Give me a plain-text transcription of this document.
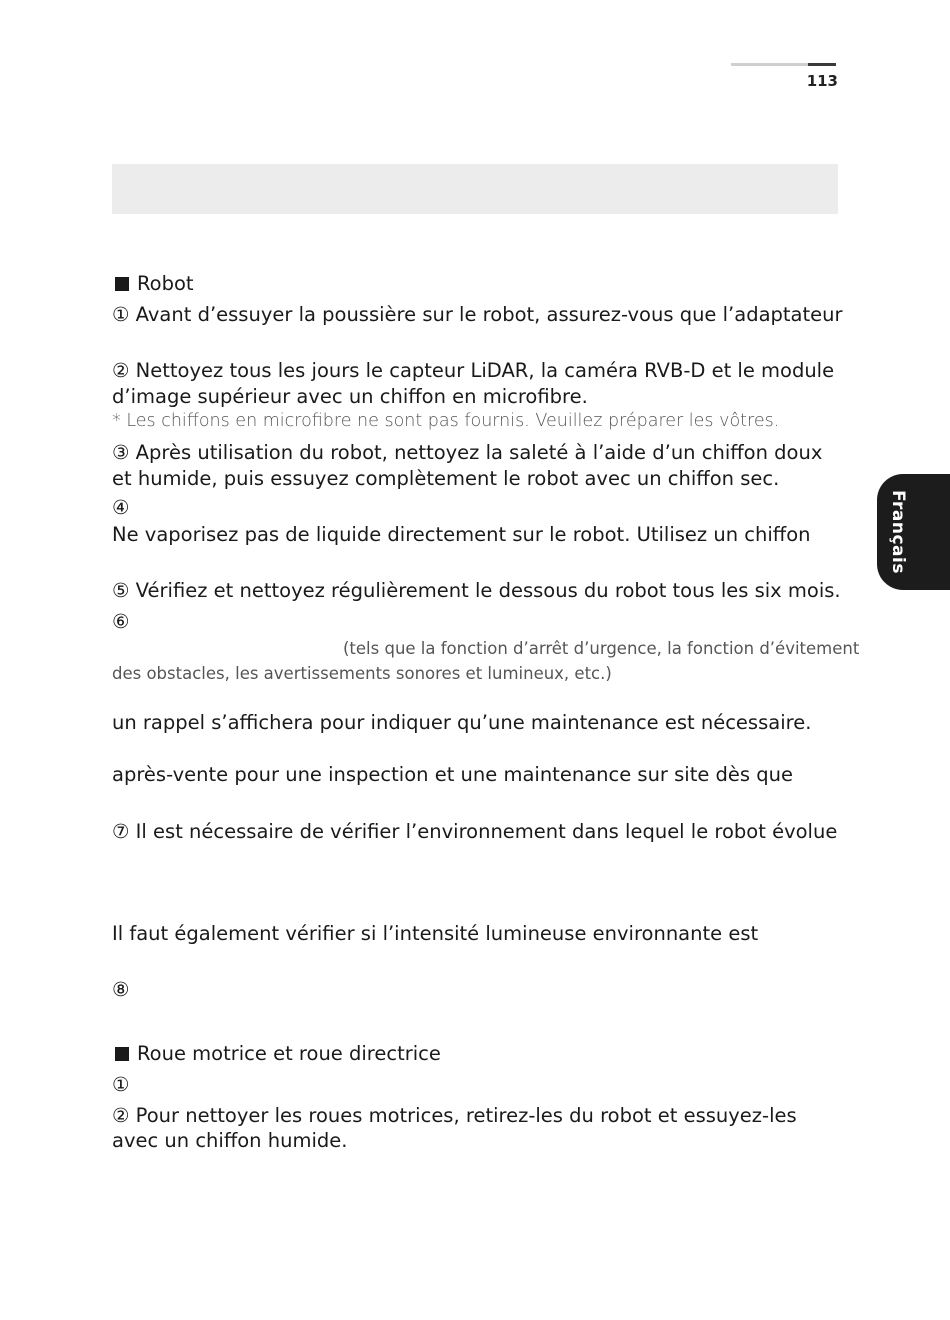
113
Français
Robot
① Avant d’essuyer la poussière sur le robot, assurez-vous que l’adaptateur
② Nettoyez tous les jours le capteur LiDAR, la caméra RVB-D et le module
d’image supérieur avec un chiffon en microfibre.
* Les chiffons en microfibre ne sont pas fournis. Veuillez préparer les vôtres.
③ Après utilisation du robot, nettoyez la saleté à l’aide d’un chiffon doux
et humide, puis essuyez complètement le robot avec un chiffon sec.
④
Ne vaporisez pas de liquide directement sur le robot. Utilisez un chiffon
⑤ Vérifiez et nettoyez régulièrement le dessous du robot tous les six mois.
⑥
(tels que la fonction d’arrêt d’urgence, la fonction d’évitement
des obstacles, les avertissements sonores et lumineux, etc.)
un rappel s’affichera pour indiquer qu’une maintenance est nécessaire.
après-vente pour une inspection et une maintenance sur site dès que
⑦ Il est nécessaire de vérifier l’environnement dans lequel le robot évolue
Il faut également vérifier si l’intensité lumineuse environnante est
⑧
Roue motrice et roue directrice
①
② Pour nettoyer les roues motrices, retirez-les du robot et essuyez-les
avec un chiffon humide.
